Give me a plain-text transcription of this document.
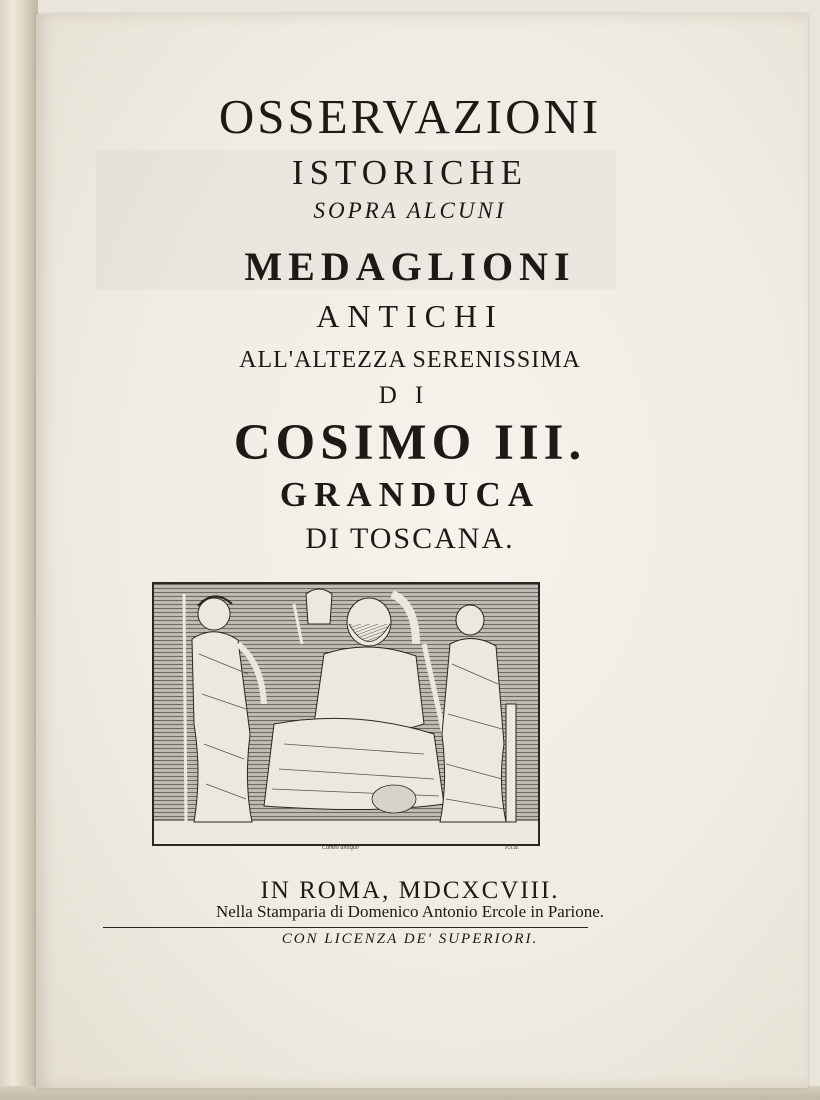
OSSERVAZIONI
ISTORICHE
SOPRA ALCUNI
MEDAGLIONI
ANTICHI
ALL'ALTEZZA SERENISSIMA
DI
COSIMO III.
GRANDUCA
DI TOSCANA.
Cameo antiquo	P.S.B.
IN ROMA, MDCXCVIII.
Nella Stamparia di Domenico Antonio Ercole in Parione.
CON LICENZA DE' SUPERIORI.
